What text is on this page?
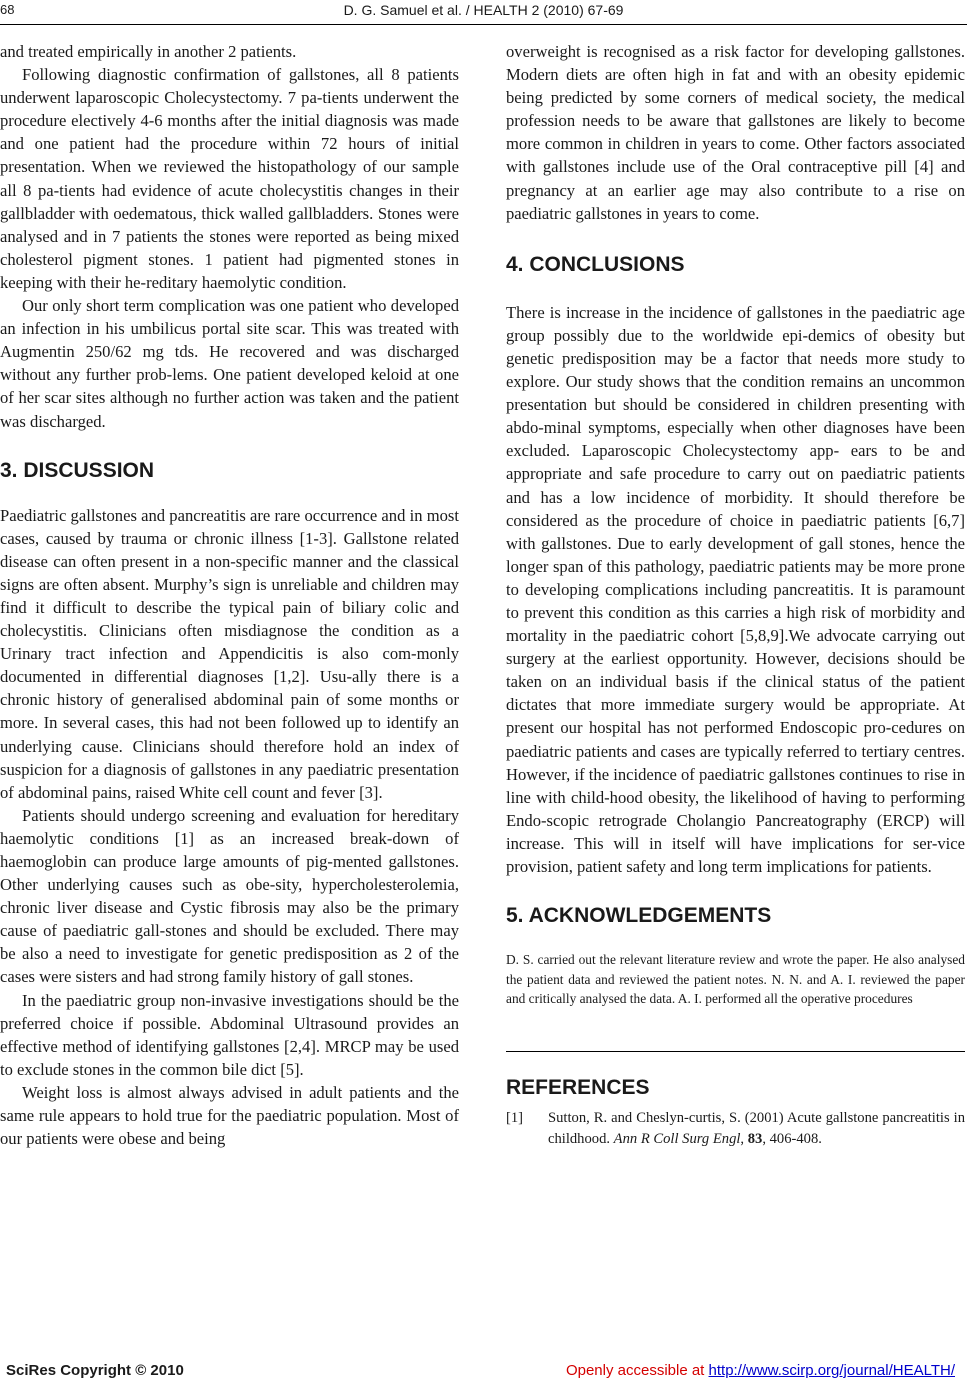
68	D. G. Samuel et al. / HEALTH 2 (2010) 67-69

and treated empirically in another 2 patients.

Following diagnostic confirmation of gallstones, all 8 patients underwent laparoscopic Cholecystectomy. 7 pa-tients underwent the procedure electively 4-6 months after the initial diagnosis was made and one patient had the procedure within 72 hours of initial presentation. When we reviewed the histopathology of our sample all 8 pa-tients had evidence of acute cholecystitis changes in their gallbladder with oedematous, thick walled gallbladders. Stones were analysed and in 7 patients the stones were reported as being mixed cholesterol pigment stones. 1 patient had pigmented stones in keeping with their he-reditary haemolytic condition.

Our only short term complication was one patient who developed an infection in his umbilicus portal site scar. This was treated with Augmentin 250/62 mg tds. He recovered and was discharged without any further prob-lems. One patient developed keloid at one of her scar sites although no further action was taken and the patient was discharged.

3. DISCUSSION

Paediatric gallstones and pancreatitis are rare occurrence and in most cases, caused by trauma or chronic illness [1-3]. Gallstone related disease can often present in a non-specific manner and the classical signs are often absent. Murphy’s sign is unreliable and children may find it difficult to describe the typical pain of biliary colic and cholecystitis. Clinicians often misdiagnose the condition as a Urinary tract infection and Appendicitis is also com-monly documented in differential diagnoses [1,2]. Usu-ally there is a chronic history of generalised abdominal pain of some months or more. In several cases, this had not been followed up to identify an underlying cause. Clinicians should therefore hold an index of suspicion for a diagnosis of gallstones in any paediatric presentation of abdominal pains, raised White cell count and fever [3].

Patients should undergo screening and evaluation for hereditary haemolytic conditions [1] as an increased break-down of haemoglobin can produce large amounts of pig-mented gallstones. Other underlying causes such as obe-sity, hypercholesterolemia, chronic liver disease and Cystic fibrosis may also be the primary cause of paediatric gall-stones and should be excluded. There may be also a need to investigate for genetic predisposition as 2 of the cases were sisters and had strong family history of gall stones.

In the paediatric group non-invasive investigations should be the preferred choice if possible. Abdominal Ultrasound provides an effective method of identifying gallstones [2,4]. MRCP may be used to exclude stones in the common bile dict [5].

Weight loss is almost always advised in adult patients and the same rule appears to hold true for the paediatric population. Most of our patients were obese and being

overweight is recognised as a risk factor for developing gallstones. Modern diets are often high in fat and with an obesity epidemic being predicted by some corners of medical society, the medical profession needs to be aware that gallstones are likely to become more common in children in years to come. Other factors associated with gallstones include use of the Oral contraceptive pill [4] and pregnancy at an earlier age may also contribute to a rise on paediatric gallstones in years to come.

4. CONCLUSIONS

There is increase in the incidence of gallstones in the paediatric age group possibly due to the worldwide epi-demics of obesity but genetic predisposition may be a factor that needs more study to explore. Our study shows that the condition remains an uncommon presentation but should be considered in children presenting with abdo-minal symptoms, especially when other diagnoses have been excluded. Laparoscopic Cholecystectomy app- ears to be and appropriate and safe procedure to carry out on paediatric patients and has a low incidence of morbidity. It should therefore be considered as the procedure of choice in paediatric patients [6,7] with gallstones. Due to early development of gall stones, hence the longer span of this pathology, paediatric patients may be more prone to developing complications including pancreatitis. It is paramount to prevent this condition as this carries a high risk of morbidity and mortality in the paediatric cohort [5,8,9].We advocate carrying out surgery at the earliest opportunity. However, decisions should be taken on an individual basis if the clinical status of the patient dictates that more immediate surgery would be appropriate. At present our hospital has not performed Endoscopic pro-cedures on paediatric patients and cases are typically referred to tertiary centres. However, if the incidence of paediatric gallstones continues to rise in line with child-hood obesity, the likelihood of having to performing Endo-scopic retrograde Cholangio Pancreatography (ERCP) will increase. This will in itself will have implications for ser-vice provision, patient safety and long term implications for patients.

5. ACKNOWLEDGEMENTS

D. S. carried out the relevant literature review and wrote the paper. He also analysed the patient data and reviewed the patient notes. N. N. and A. I. reviewed the paper and critically analysed the data. A. I. performed all the operative procedures

REFERENCES
[1]	Sutton, R. and Cheslyn-curtis, S. (2001) Acute gallstone pancreatitis in childhood. Ann R Coll Surg Engl, 83, 406-408.
SciRes Copyright © 2010	Openly accessible at http://www.scirp.org/journal/HEALTH/
